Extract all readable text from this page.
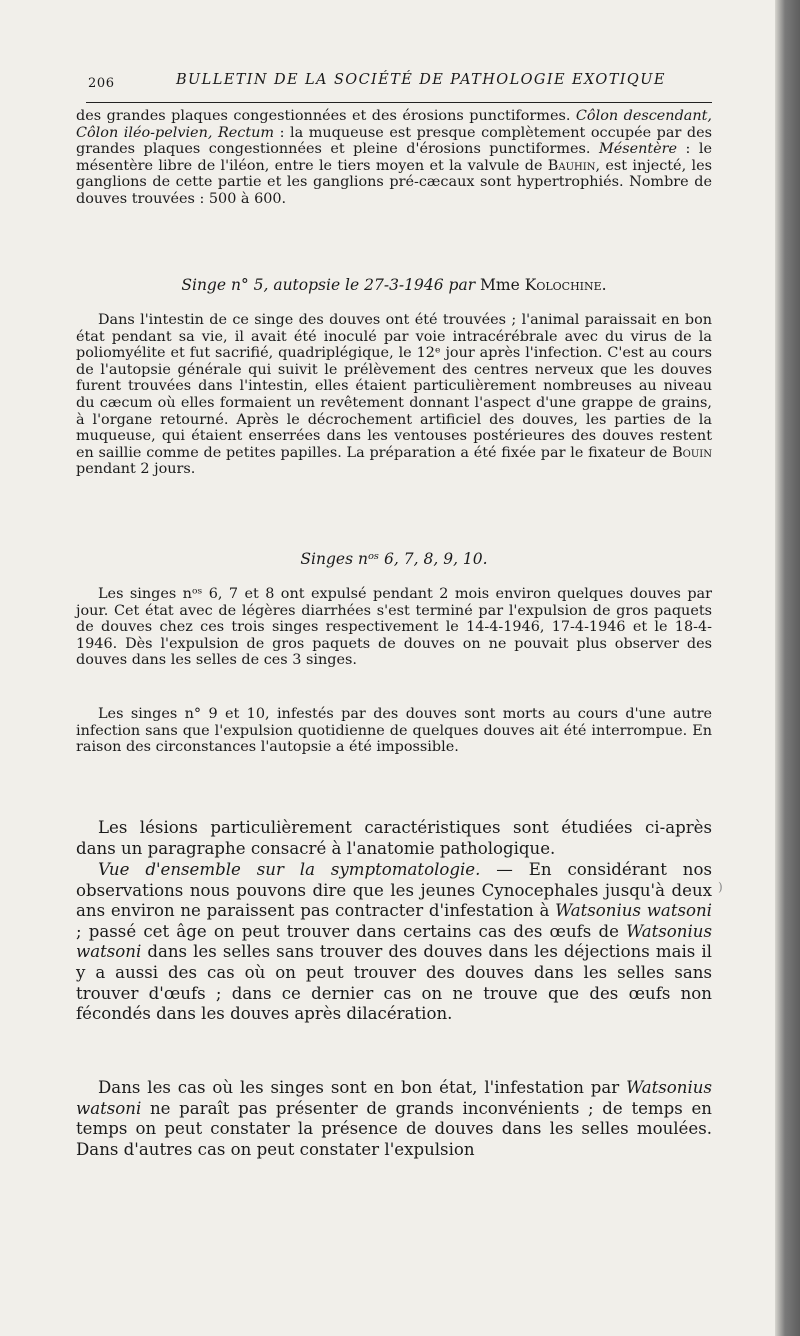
206	BULLETIN DE LA SOCIÉTÉ DE PATHOLOGIE EXOTIQUE

des grandes plaques congestionnées et des érosions punctiformes. Côlon descendant, Côlon iléo-pelvien, Rectum : la muqueuse est presque complètement occupée par des grandes plaques congestionnées et pleine d'érosions punctiformes. Mésentère : le mésentère libre de l'iléon, entre le tiers moyen et la valvule de Bauhin, est injecté, les ganglions de cette partie et les ganglions pré-cæcaux sont hypertrophiés. Nombre de douves trouvées : 500 à 600.

Singe n° 5, autopsie le 27-3-1946 par Mme Kolochine.

Dans l'intestin de ce singe des douves ont été trouvées ; l'animal paraissait en bon état pendant sa vie, il avait été inoculé par voie intracérébrale avec du virus de la poliomyélite et fut sacrifié, quadriplégique, le 12ᵉ jour après l'infection. C'est au cours de l'autopsie générale qui suivit le prélèvement des centres nerveux que les douves furent trouvées dans l'intestin, elles étaient particulièrement nombreuses au niveau du cæcum où elles formaient un revêtement donnant l'aspect d'une grappe de grains, à l'organe retourné. Après le décrochement artificiel des douves, les parties de la muqueuse, qui étaient enserrées dans les ventouses postérieures des douves restent en saillie comme de petites papilles. La préparation a été fixée par le fixateur de Bouin pendant 2 jours.

Singes nᵒˢ 6, 7, 8, 9, 10.

Les singes nᵒˢ 6, 7 et 8 ont expulsé pendant 2 mois environ quelques douves par jour. Cet état avec de légères diarrhées s'est terminé par l'expulsion de gros paquets de douves chez ces trois singes respectivement le 14-4-1946, 17-4-1946 et le 18-4-1946. Dès l'expulsion de gros paquets de douves on ne pouvait plus observer des douves dans les selles de ces 3 singes.

Les singes n° 9 et 10, infestés par des douves sont morts au cours d'une autre infection sans que l'expulsion quotidienne de quelques douves ait été interrompue. En raison des circonstances l'autopsie a été impossible.

Les lésions particulièrement caractéristiques sont étudiées ci-après dans un paragraphe consacré à l'anatomie pathologique.

Vue d'ensemble sur la symptomatologie. — En considérant nos observations nous pouvons dire que les jeunes Cynocephales jusqu'à deux ans environ ne paraissent pas contracter d'infestation à Watsonius watsoni ; passé cet âge on peut trouver dans certains cas des œufs de Watsonius watsoni dans les selles sans trouver des douves dans les déjections mais il y a aussi des cas où on peut trouver des douves dans les selles sans trouver d'œufs ; dans ce dernier cas on ne trouve que des œufs non fécondés dans les douves après dilacération.

Dans les cas où les singes sont en bon état, l'infestation par Watsonius watsoni ne paraît pas présenter de grands inconvénients ; de temps en temps on peut constater la présence de douves dans les selles moulées. Dans d'autres cas on peut constater l'expulsion

)
